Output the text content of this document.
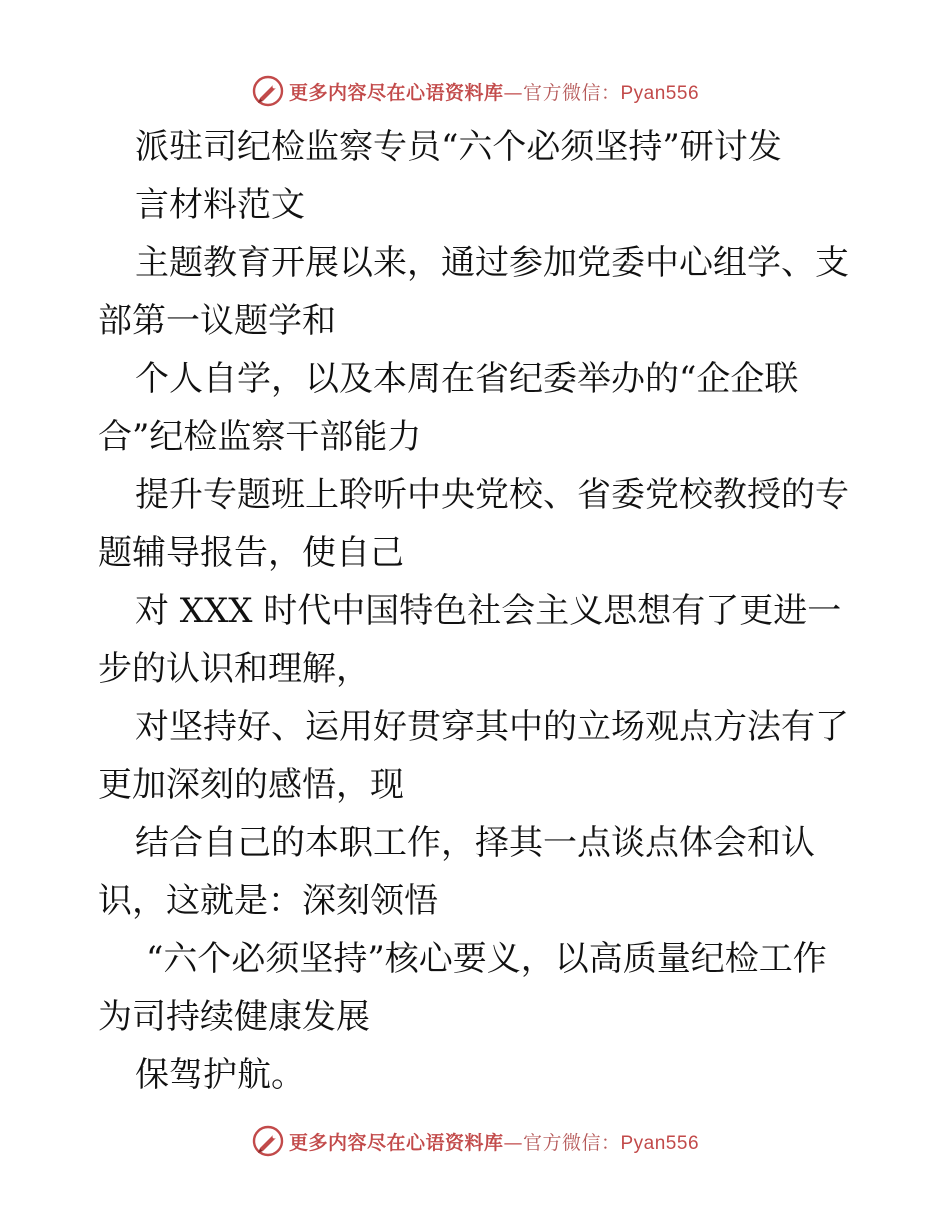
更多内容尽在心语资料库—官方微信：Pyan556
派驻司纪检监察专员“六个必须坚持”研讨发
言材料范文
主题教育开展以来，通过参加党委中心组学、支
部第一议题学和
个人自学，以及本周在省纪委举办的“企企联
合”纪检监察干部能力
提升专题班上聆听中央党校、省委党校教授的专
题辅导报告，使自己
对 XXX 时代中国特色社会主义思想有了更进一
步的认识和理解，
对坚持好、运用好贯穿其中的立场观点方法有了
更加深刻的感悟，现
结合自己的本职工作，择其一点谈点体会和认
识，这就是：深刻领悟
“六个必须坚持”核心要义，以高质量纪检工作
为司持续健康发展
保驾护航。
更多内容尽在心语资料库—官方微信：Pyan556
